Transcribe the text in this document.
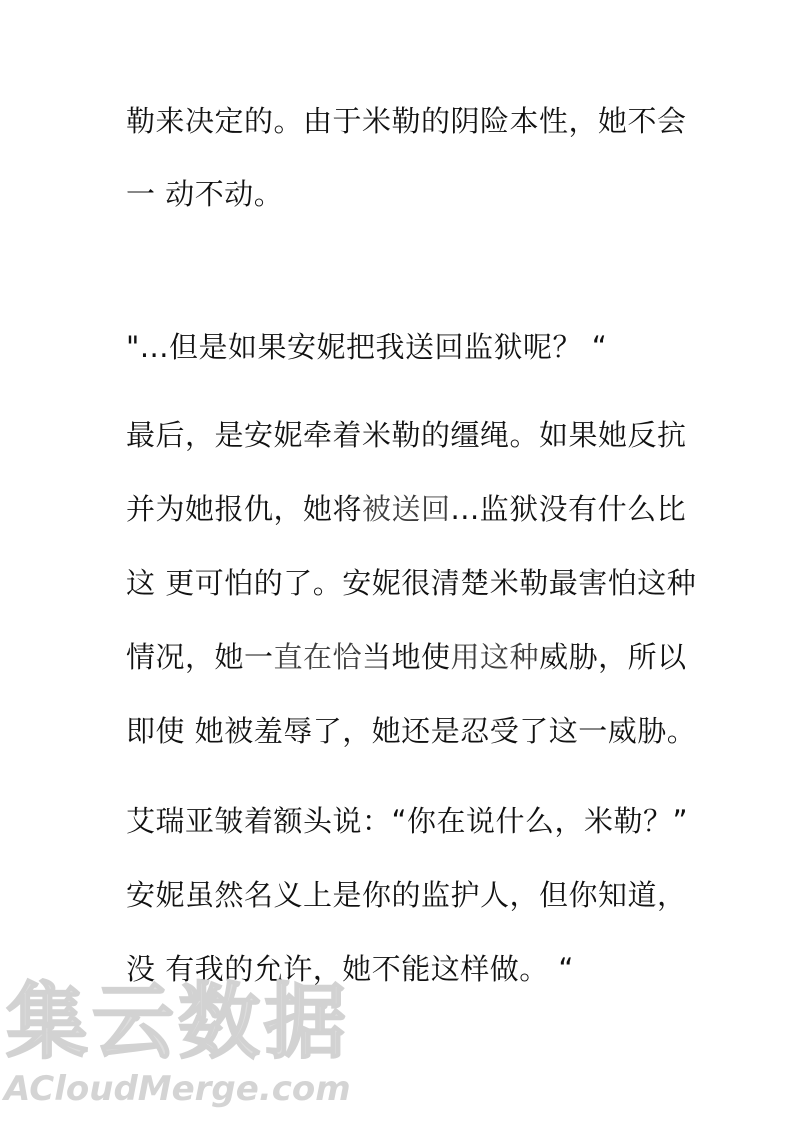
勒来决定的。由于米勒的阴险本性，她不会
一 动不动。
"...但是如果安妮把我送回监狱呢？ “
最后，是安妮牵着米勒的缰绳。如果她反抗
并为她报仇，她将被送回...监狱没有什么比
这 更可怕的了。安妮很清楚米勒最害怕这种
情况，她一直在恰当地使用这种威胁，所以
即使 她被羞辱了，她还是忍受了这一威胁。
艾瑞亚皱着额头说：“你在说什么，米勒？”
安妮虽然名义上是你的监护人，但你知道，
没 有我的允许，她不能这样做。 “
集云数据
ACloudMerge.com
